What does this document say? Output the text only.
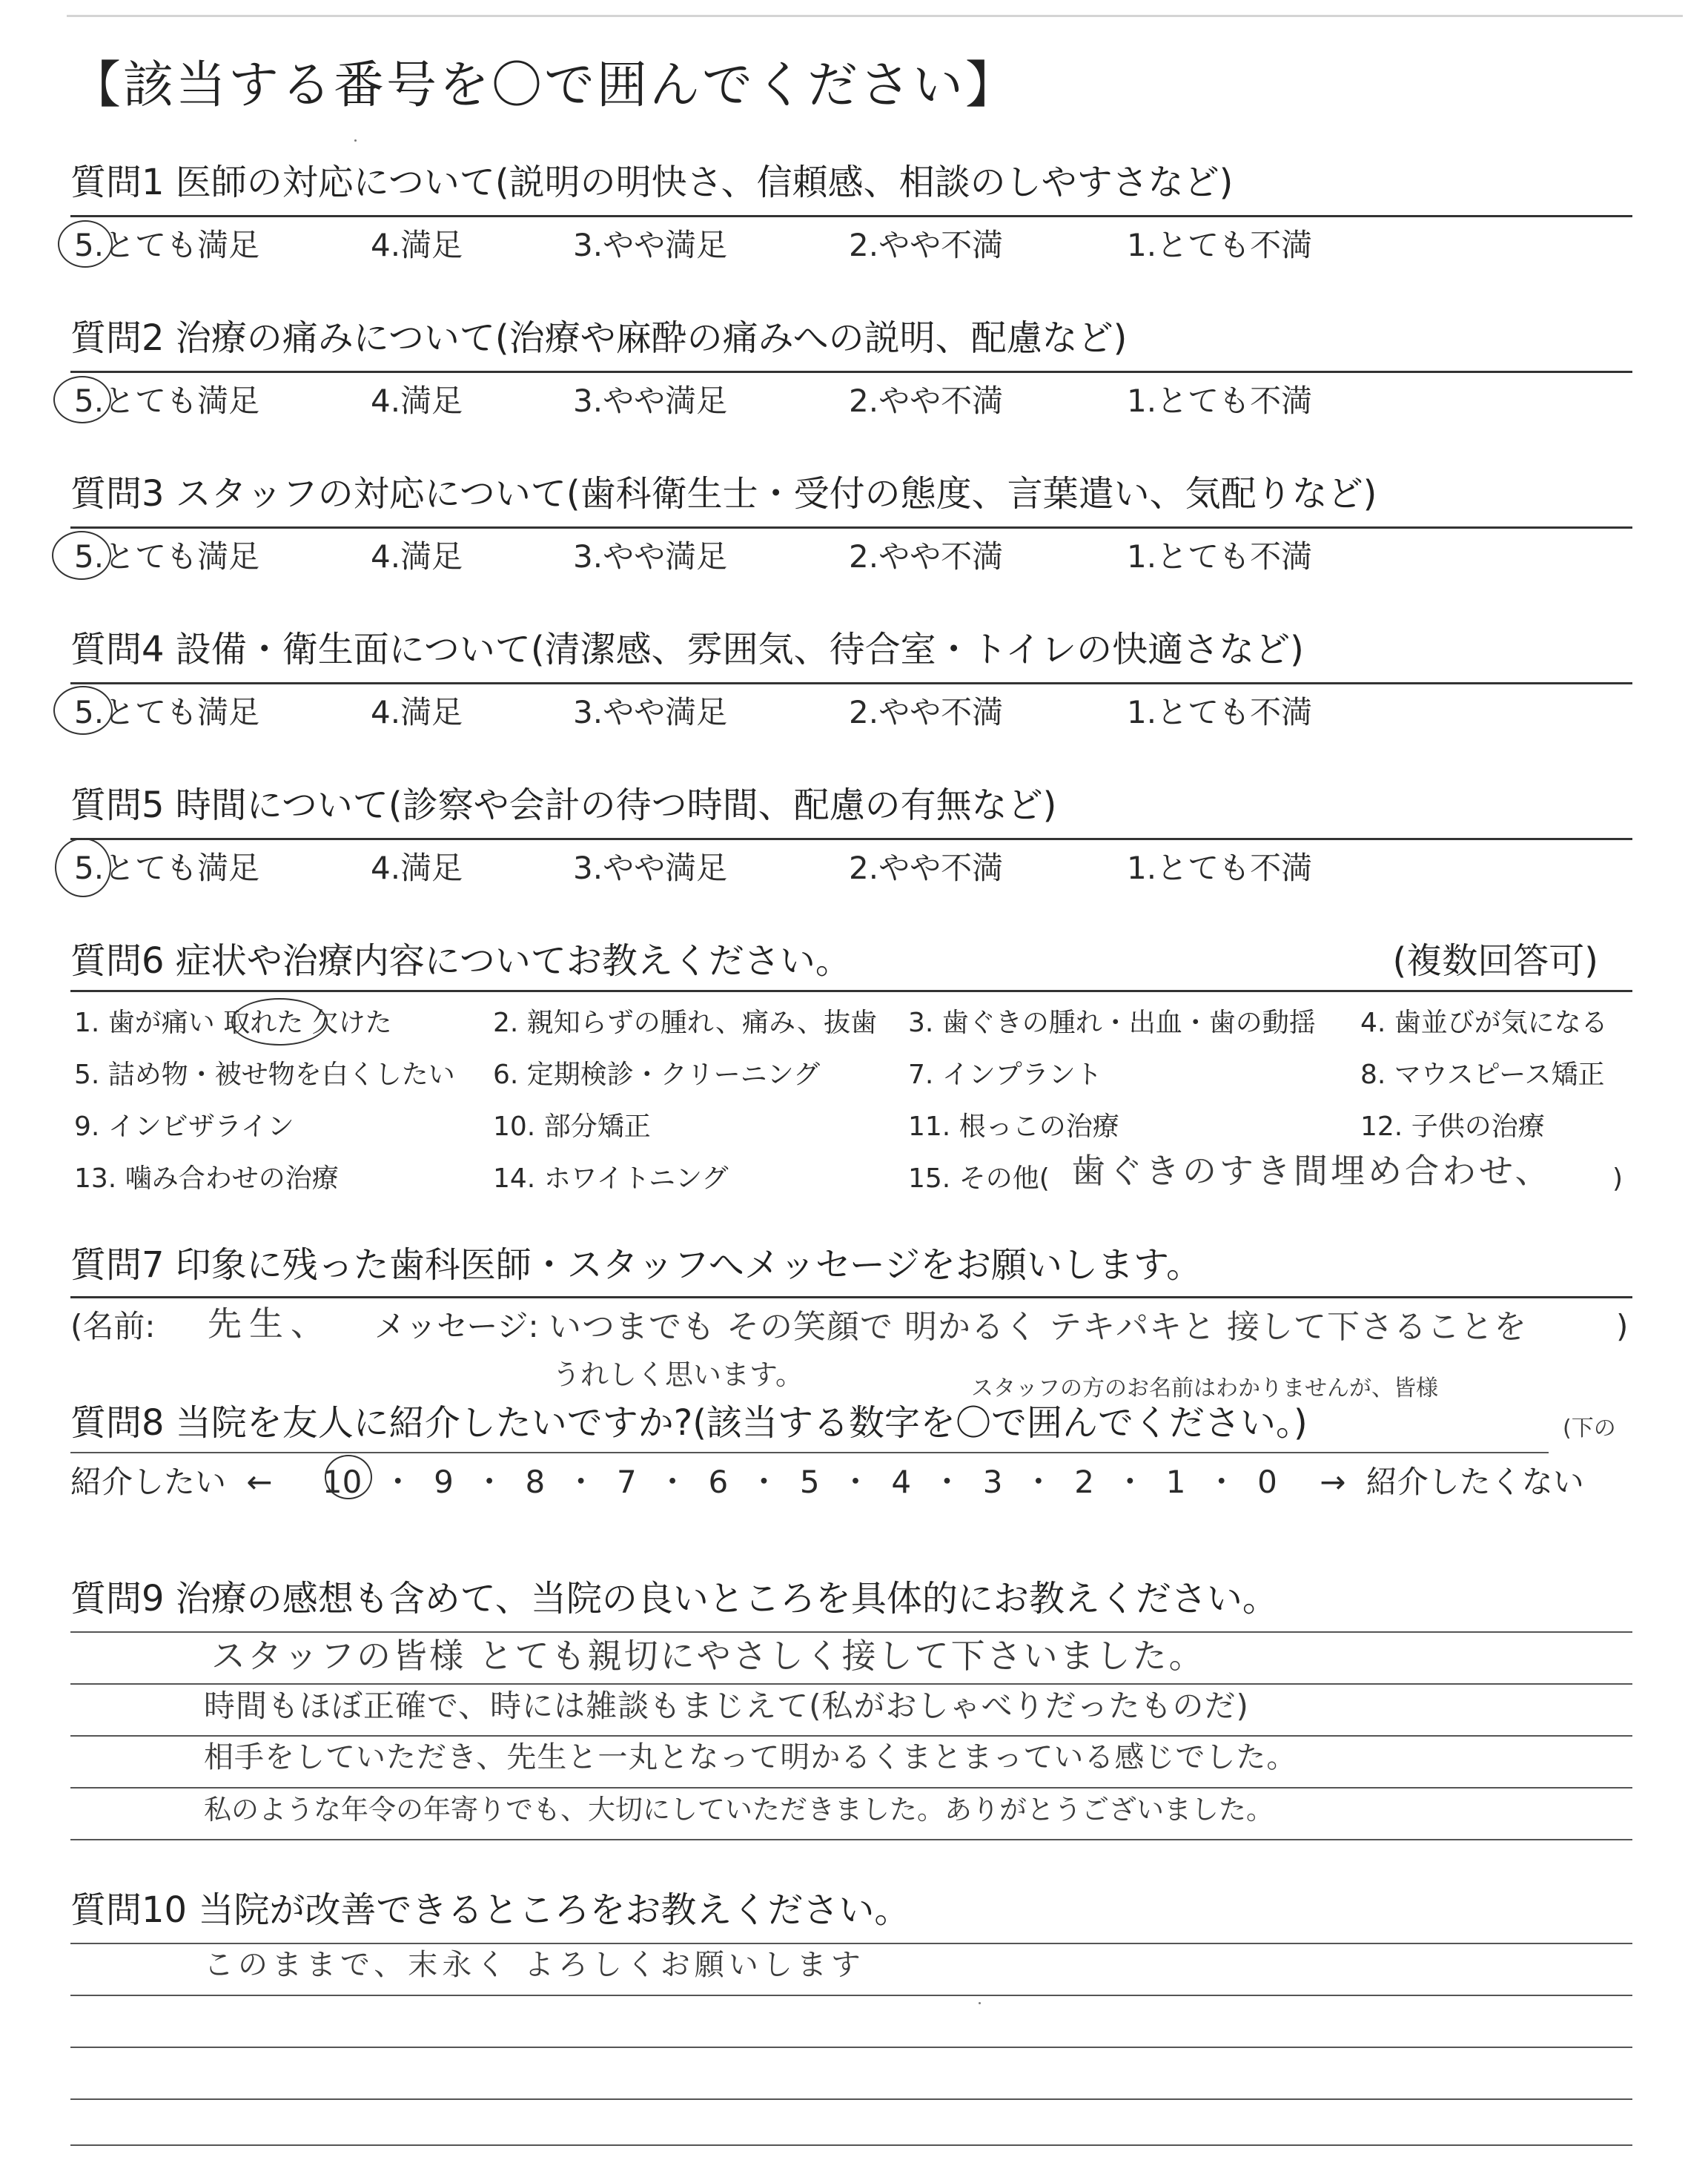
【該当する番号を〇で囲んでください】
質問1 医師の対応について(説明の明快さ、信頼感、相談のしやすさなど)
5.とても満足	4.満足	3.やや満足	2.やや不満	1.とても不満
質問2 治療の痛みについて(治療や麻酔の痛みへの説明、配慮など)
5.とても満足	4.満足	3.やや満足	2.やや不満	1.とても不満
質問3 スタッフの対応について(歯科衛生士・受付の態度、言葉遣い、気配りなど)
5.とても満足	4.満足	3.やや満足	2.やや不満	1.とても不満
質問4 設備・衛生面について(清潔感、雰囲気、待合室・トイレの快適さなど)
5.とても満足	4.満足	3.やや満足	2.やや不満	1.とても不満
質問5 時間について(診察や会計の待つ時間、配慮の有無など)
5.とても満足	4.満足	3.やや満足	2.やや不満	1.とても不満
質問6 症状や治療内容についてお教えください。	(複数回答可)
1. 歯が痛い 取れた 欠けた	2. 親知らずの腫れ、痛み、抜歯 3. 歯ぐきの腫れ・出血・歯の動揺 4. 歯並びが気になる
5. 詰め物・被せ物を白くしたい 6. 定期検診・クリーニング	7. インプラント	8. マウスピース矯正
9. インビザライン	10. 部分矯正	11. 根っこの治療	12. 子供の治療
13. 噛み合わせの治療	14. ホワイトニング	15. その他( 歯ぐきのすき間埋め合わせ、 )
質問7 印象に残った歯科医師・スタッフへメッセージをお願いします。
(名前: 先生、 メッセージ: いつまでも その笑顔で 明かるく テキパキと 接して下さることを	)
うれしく思います。	スタッフの方のお名前はわかりませんが、皆様
(下の
質問8 当院を友人に紹介したいですか?(該当する数字を〇で囲んでください。)
紹介したい ← 10 ・ 9 ・ 8 ・ 7 ・ 6 ・ 5 ・ 4 ・ 3 ・ 2 ・ 1 ・ 0 → 紹介したくない
質問9 治療の感想も含めて、当院の良いところを具体的にお教えください。
スタッフの皆様 とても親切にやさしく接して下さいました。
時間もほぼ正確で、時には雑談もまじえて(私がおしゃべりだったものだ)
相手をしていただき、先生と一丸となって明かるくまとまっている感じでした。
私のような年令の年寄りでも、大切にしていただきました。ありがとうございました。
質問10 当院が改善できるところをお教えください。
このままで、末永く よろしくお願いします
